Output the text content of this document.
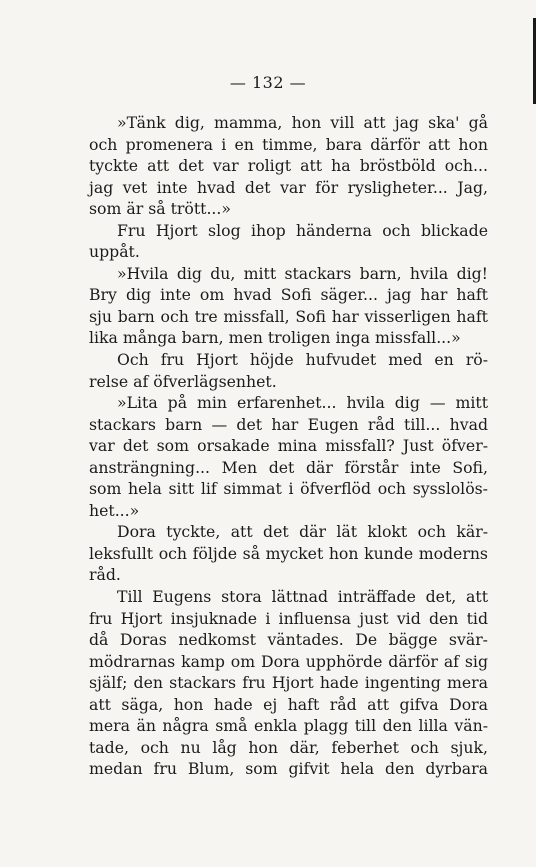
— 132 —
»Tänk dig, mamma, hon vill att jag ska' gå
och promenera i en timme, bara därför att hon
tyckte att det var roligt att ha bröstböld och...
jag vet inte hvad det var för rysligheter... Jag,
som är så trött...»
Fru Hjort slog ihop händerna och blickade
uppåt.
»Hvila dig du, mitt stackars barn, hvila dig!
Bry dig inte om hvad Sofi säger... jag har haft
sju barn och tre missfall, Sofi har visserligen haft
lika många barn, men troligen inga missfall...»
Och fru Hjort höjde hufvudet med en rö-
relse af öfverlägsenhet.
»Lita på min erfarenhet... hvila dig — mitt
stackars barn — det har Eugen råd till... hvad
var det som orsakade mina missfall? Just öfver-
ansträngning... Men det där förstår inte Sofi,
som hela sitt lif simmat i öfverflöd och sysslolös-
het...»
Dora tyckte, att det där lät klokt och kär-
leksfullt och följde så mycket hon kunde moderns
råd.
Till Eugens stora lättnad inträffade det, att
fru Hjort insjuknade i influensa just vid den tid
då Doras nedkomst väntades. De bägge svär-
mödrarnas kamp om Dora upphörde därför af sig
själf; den stackars fru Hjort hade ingenting mera
att säga, hon hade ej haft råd att gifva Dora
mera än några små enkla plagg till den lilla vän-
tade, och nu låg hon där, feberhet och sjuk,
medan fru Blum, som gifvit hela den dyrbara
